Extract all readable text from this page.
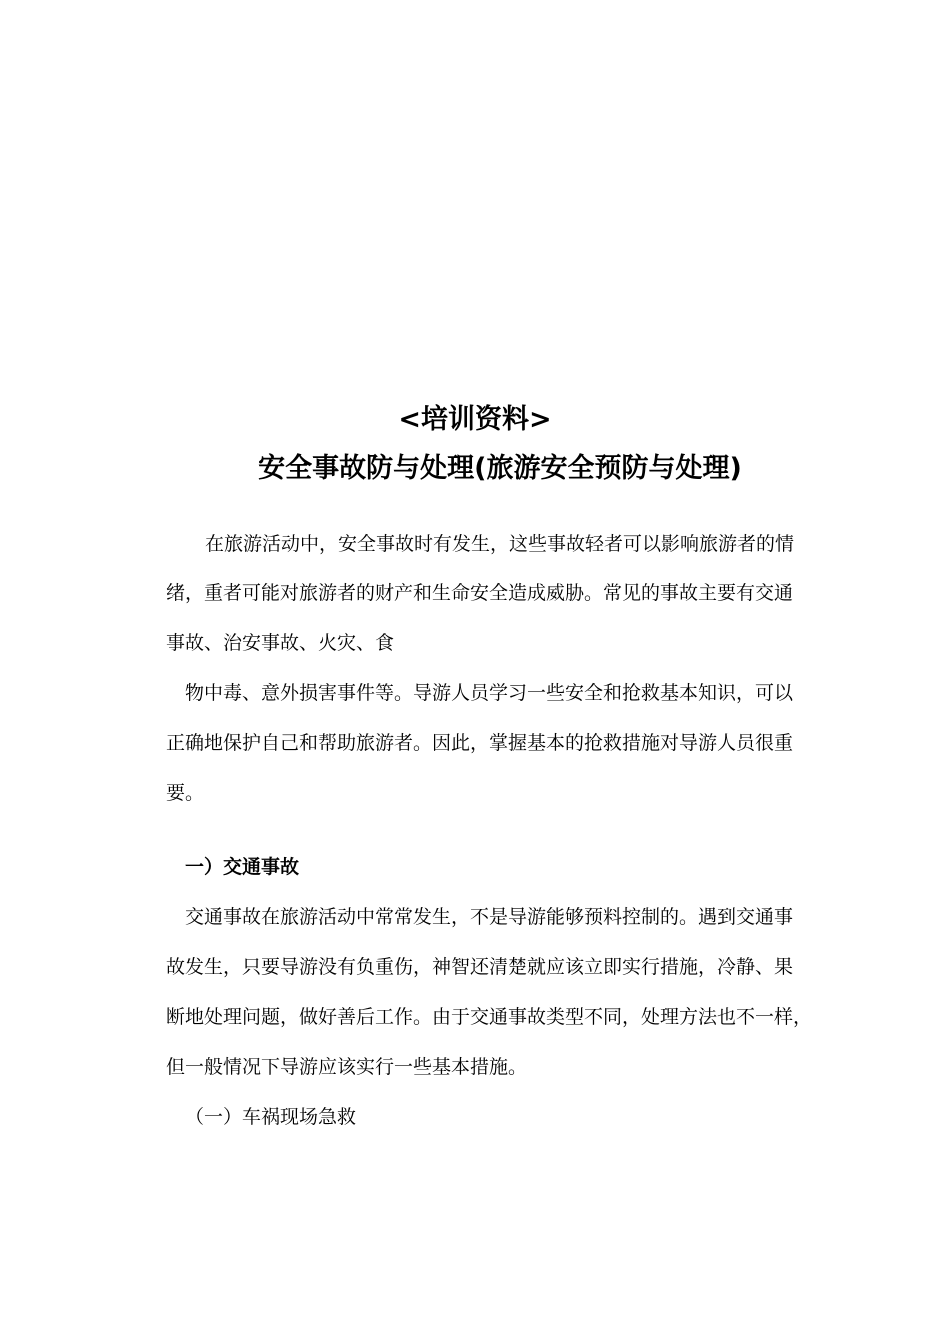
<培训资料>
安全事故防与处理(旅游安全预防与处理)
在旅游活动中，安全事故时有发生，这些事故轻者可以影响旅游者的情
绪，重者可能对旅游者的财产和生命安全造成威胁。常见的事故主要有交通
事故、治安事故、火灾、食
物中毒、意外损害事件等。导游人员学习一些安全和抢救基本知识，可以
正确地保护自己和帮助旅游者。因此，掌握基本的抢救措施对导游人员很重
要。
一）交通事故
交通事故在旅游活动中常常发生，不是导游能够预料控制的。遇到交通事
故发生，只要导游没有负重伤，神智还清楚就应该立即实行措施，冷静、果
断地处理问题，做好善后工作。由于交通事故类型不同，处理方法也不一样，
但一般情况下导游应该实行一些基本措施。
（一）车祸现场急救
